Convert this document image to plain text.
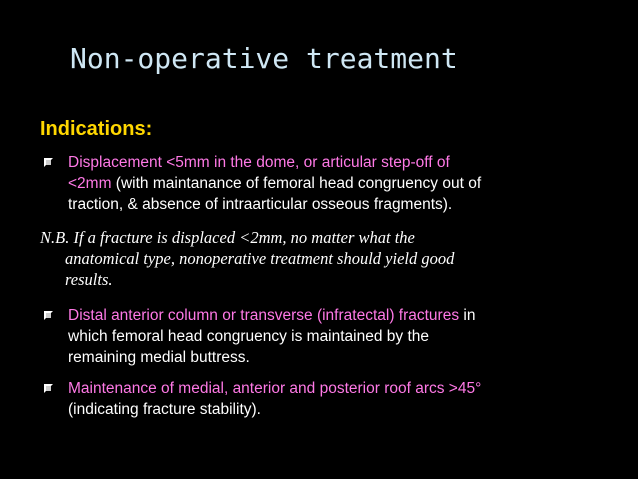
Non-operative treatment
Indications:
Displacement <5mm in the dome, or articular step-off of
<2mm (with maintanance of femoral head congruency out of
traction, & absence of intraarticular osseous fragments).
N.B. If a fracture is displaced <2mm, no matter what the
anatomical type, nonoperative treatment should yield good
results.
Distal anterior column or transverse (infratectal) fractures in
which femoral head congruency is maintained by the
remaining medial buttress.
Maintenance of medial, anterior and posterior roof arcs >45°
(indicating fracture stability).
